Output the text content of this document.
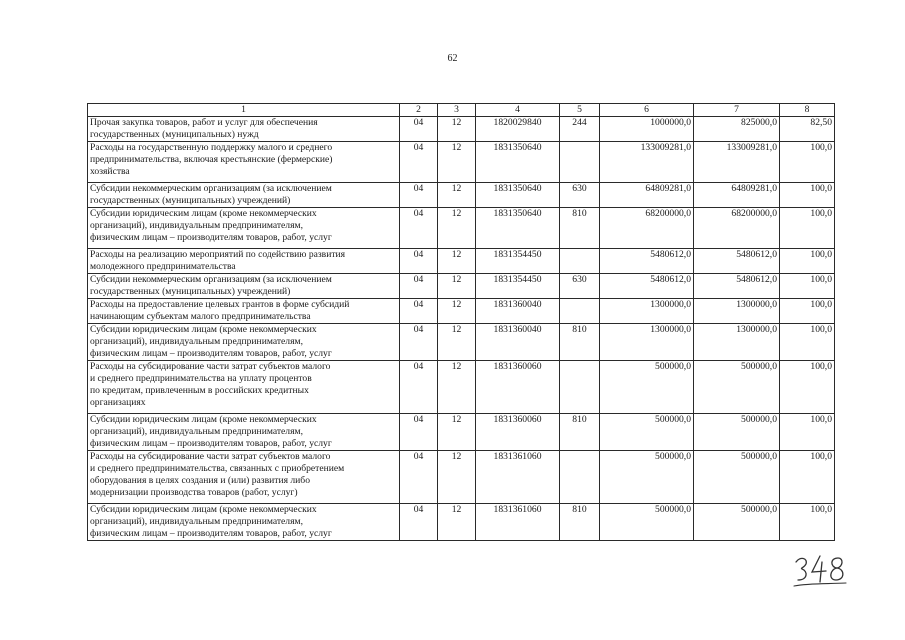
62
1	2	3	4	5	6	7	8
Прочая закупка товаров, работ и услуг для обеспечения
государственных (муниципальных) нужд	04	12	1820029840	244	1000000,0	825000,0	82,50
Расходы на государственную поддержку малого и среднего
предпринимательства, включая крестьянские (фермерские)
хозяйства	04	12	1831350640		133009281,0	133009281,0	100,0
Субсидии некоммерческим организациям (за исключением
государственных (муниципальных) учреждений)	04	12	1831350640	630	64809281,0	64809281,0	100,0
Субсидии юридическим лицам (кроме некоммерческих
организаций), индивидуальным предпринимателям,
физическим лицам – производителям товаров, работ, услуг	04	12	1831350640	810	68200000,0	68200000,0	100,0
Расходы на реализацию мероприятий по содействию развития
молодежного предпринимательства	04	12	1831354450		5480612,0	5480612,0	100,0
Субсидии некоммерческим организациям (за исключением
государственных (муниципальных) учреждений)	04	12	1831354450	630	5480612,0	5480612,0	100,0
Расходы на предоставление целевых грантов в форме субсидий
начинающим субъектам малого предпринимательства	04	12	1831360040		1300000,0	1300000,0	100,0
Субсидии юридическим лицам (кроме некоммерческих
организаций), индивидуальным предпринимателям,
физическим лицам – производителям товаров, работ, услуг	04	12	1831360040	810	1300000,0	1300000,0	100,0
Расходы на субсидирование части затрат субъектов малого
и среднего предпринимательства на уплату процентов
по кредитам, привлеченным в российских кредитных
организациях	04	12	1831360060		500000,0	500000,0	100,0
Субсидии юридическим лицам (кроме некоммерческих
организаций), индивидуальным предпринимателям,
физическим лицам – производителям товаров, работ, услуг	04	12	1831360060	810	500000,0	500000,0	100,0
Расходы на субсидирование части затрат субъектов малого
и среднего предпринимательства, связанных с приобретением
оборудования в целях создания и (или) развития либо
модернизации производства товаров (работ, услуг)	04	12	1831361060		500000,0	500000,0	100,0
Субсидии юридическим лицам (кроме некоммерческих
организаций), индивидуальным предпринимателям,
физическим лицам – производителям товаров, работ, услуг	04	12	1831361060	810	500000,0	500000,0	100,0
